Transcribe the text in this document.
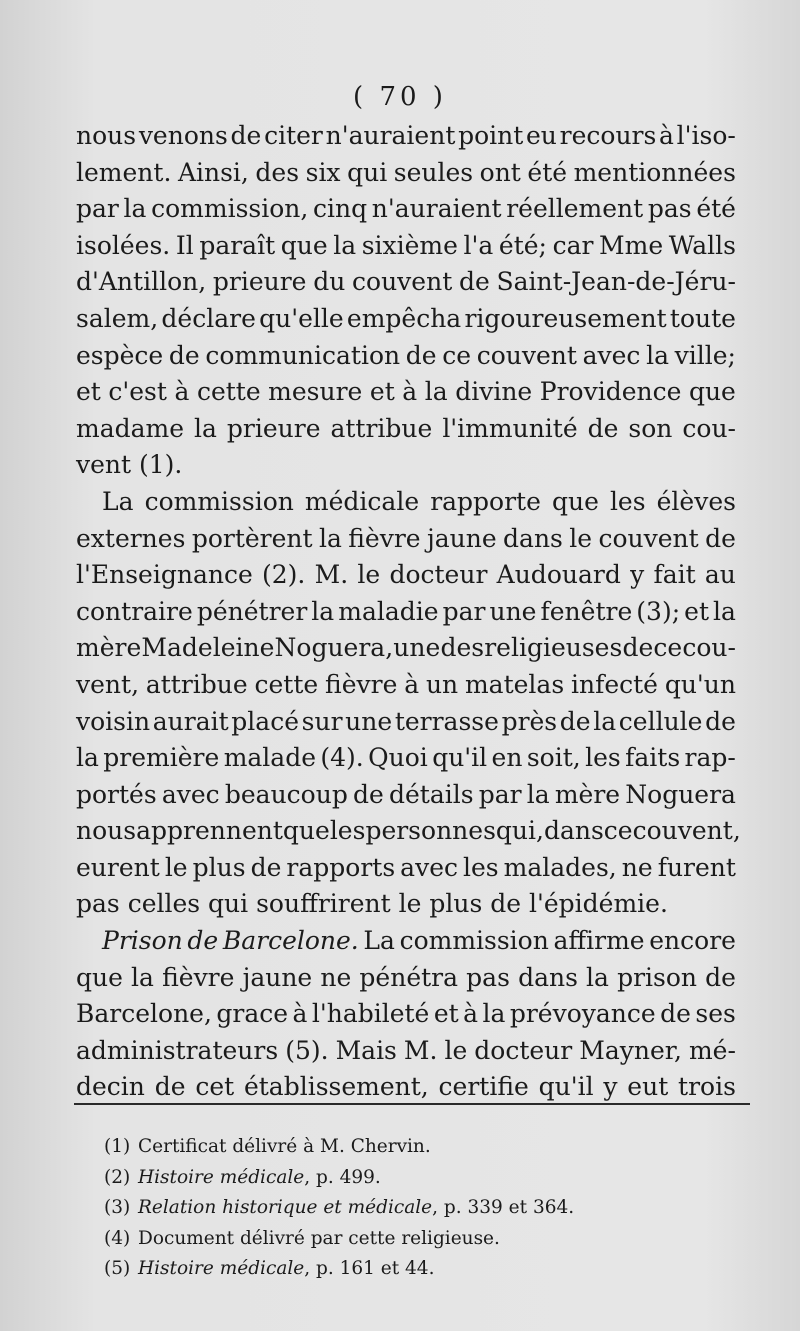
( 70 )
nous venons de citer n'auraient point eu recours à l'iso-
lement. Ainsi, des six qui seules ont été mentionnées
par la commission, cinq n'auraient réellement pas été
isolées. Il paraît que la sixième l'a été; car Mme Walls
d'Antillon, prieure du couvent de Saint-Jean-de-Jéru-
salem, déclare qu'elle empêcha rigoureusement toute
espèce de communication de ce couvent avec la ville;
et c'est à cette mesure et à la divine Providence que
madame la prieure attribue l'immunité de son cou-
vent (1).
La commission médicale rapporte que les élèves
externes portèrent la fièvre jaune dans le couvent de
l'Enseignance (2). M. le docteur Audouard y fait au
contraire pénétrer la maladie par une fenêtre (3); et la
mère Madeleine Noguera, une des religieuses de ce cou-
vent, attribue cette fièvre à un matelas infecté qu'un
voisin aurait placé sur une terrasse près de la cellule de
la première malade (4). Quoi qu'il en soit, les faits rap-
portés avec beaucoup de détails par la mère Noguera
nous apprennent que les personnes qui, dans ce couvent,
eurent le plus de rapports avec les malades, ne furent
pas celles qui souffrirent le plus de l'épidémie.
Prison de Barcelone. La commission affirme encore
que la fièvre jaune ne pénétra pas dans la prison de
Barcelone, grace à l'habileté et à la prévoyance de ses
administrateurs (5). Mais M. le docteur Mayner, mé-
decin de cet établissement, certifie qu'il y eut trois
(1) Certificat délivré à M. Chervin.
(2) Histoire médicale, p. 499.
(3) Relation historique et médicale, p. 339 et 364.
(4) Document délivré par cette religieuse.
(5) Histoire médicale, p. 161 et 44.
